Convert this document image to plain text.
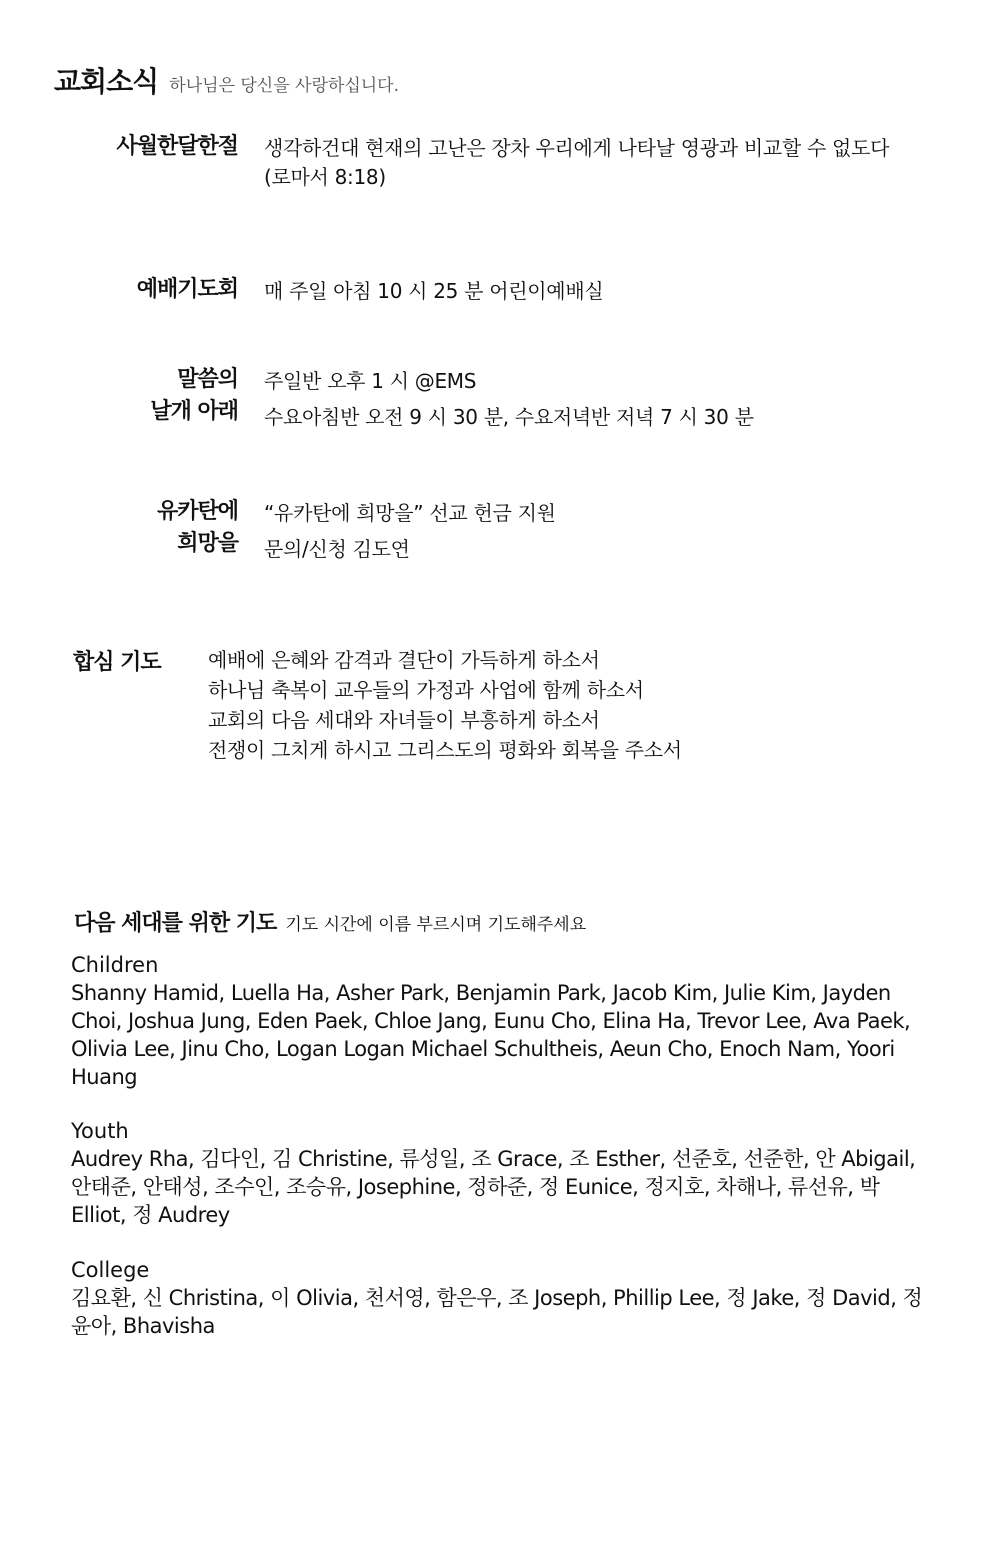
교회소식 하나님은 당신을 사랑하십니다.
사월한달한절 생각하건대 현재의 고난은 장차 우리에게 나타날 영광과 비교할 수 없도다 (로마서 8:18)

예배기도회 매 주일 아침 10 시 25 분 어린이예배실

말씀의
날개 아래

주일반 오후 1 시 @EMS

수요아침반 오전 9 시 30 분, 수요저녁반 저녁 7 시 30 분

유카탄에
희망을

“유카탄에 희망을” 선교 헌금 지원

문의/신청 김도연

합심 기도 예배에 은혜와 감격과 결단이 가득하게 하소서

하나님 축복이 교우들의 가정과 사업에 함께 하소서

교회의 다음 세대와 자녀들이 부흥하게 하소서

전쟁이 그치게 하시고 그리스도의 평화와 회복을 주소서

다음 세대를 위한 기도 기도 시간에 이름 부르시며 기도해주세요
Children
Shanny Hamid, Luella Ha, Asher Park, Benjamin Park, Jacob Kim, Julie Kim, Jayden Choi, Joshua Jung, Eden Paek, Chloe Jang, Eunu Cho, Elina Ha, Trevor Lee, Ava Paek, Olivia Lee, Jinu Cho, Logan Logan Michael Schultheis, Aeun Cho, Enoch Nam, Yoori Huang
Youth
Audrey Rha, 김다인, 김 Christine, 류성일, 조 Grace, 조 Esther, 선준호, 선준한, 안 Abigail, 안태준, 안태성, 조수인, 조승유, Josephine, 정하준, 정 Eunice, 정지호, 차해나, 류선유, 박 Elliot, 정 Audrey
College
김요환, 신 Christina, 이 Olivia, 천서영, 함은우, 조 Joseph, Phillip Lee, 정 Jake, 정 David, 정윤아, Bhavisha
